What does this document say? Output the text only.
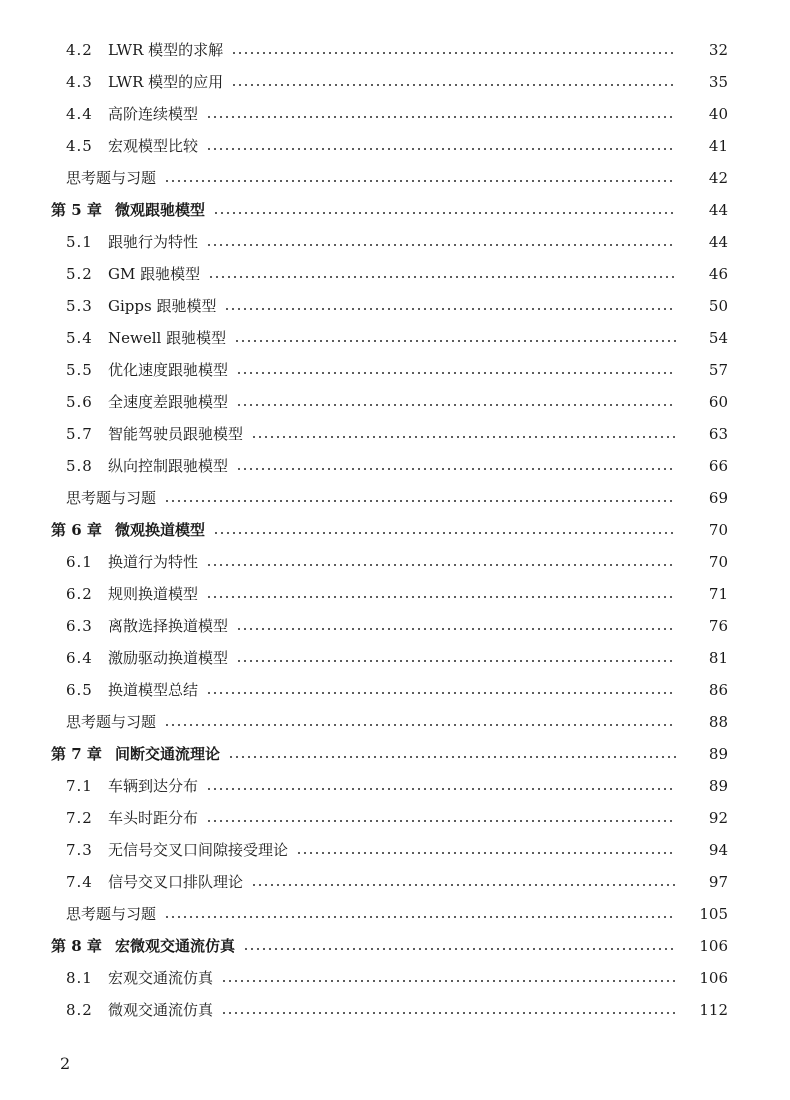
4.2	LWR 模型的求解	32
4.3	LWR 模型的应用	35
4.4	高阶连续模型	40
4.5	宏观模型比较	41
思考题与习题	42
第 5 章 微观跟驰模型	44
5.1	跟驰行为特性	44
5.2	GM 跟驰模型	46
5.3	Gipps 跟驰模型	50
5.4	Newell 跟驰模型	54
5.5	优化速度跟驰模型	57
5.6	全速度差跟驰模型	60
5.7	智能驾驶员跟驰模型	63
5.8	纵向控制跟驰模型	66
思考题与习题	69
第 6 章 微观换道模型	70
6.1	换道行为特性	70
6.2	规则换道模型	71
6.3	离散选择换道模型	76
6.4	激励驱动换道模型	81
6.5	换道模型总结	86
思考题与习题	88
第 7 章 间断交通流理论	89
7.1	车辆到达分布	89
7.2	车头时距分布	92
7.3	无信号交叉口间隙接受理论	94
7.4	信号交叉口排队理论	97
思考题与习题	105
第 8 章 宏微观交通流仿真	106
8.1	宏观交通流仿真	106
8.2	微观交通流仿真	112
2
